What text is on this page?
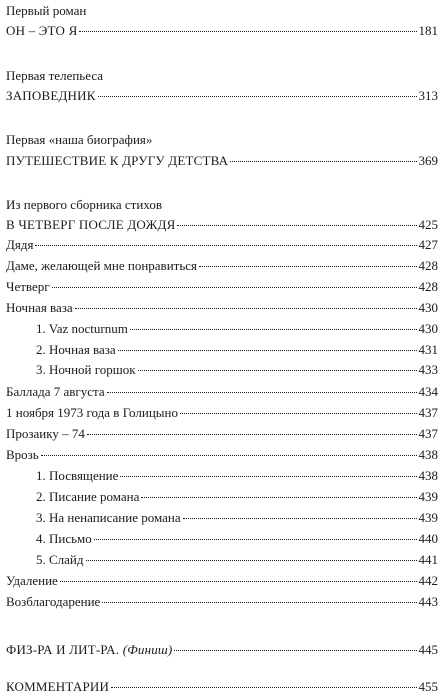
Первый роман
ОН – ЭТО Я	181
Первая телепьеса
ЗАПОВЕДНИК	313
Первая «наша биография»
ПУТЕШЕСТВИЕ К ДРУГУ ДЕТСТВА	369
Из первого сборника стихов
В ЧЕТВЕРГ ПОСЛЕ ДОЖДЯ	425
Дядя	427
Даме, желающей мне понравиться	428
Четверг	428
Ночная ваза	430
1. Vaz nocturnum	430
2. Ночная ваза	431
3. Ночной горшок	433
Баллада 7 августа	434
1 ноября 1973 года в Голицыно	437
Прозаику – 74	437
Врозь	438
1. Посвящение	438
2. Писание романа	439
3. На ненаписание романа	439
4. Письмо	440
5. Слайд	441
Удаление	442
Возблагодарение	443
ФИЗ-РА И ЛИТ-РА. (Финиш)	445
КОММЕНТАРИИ	455
